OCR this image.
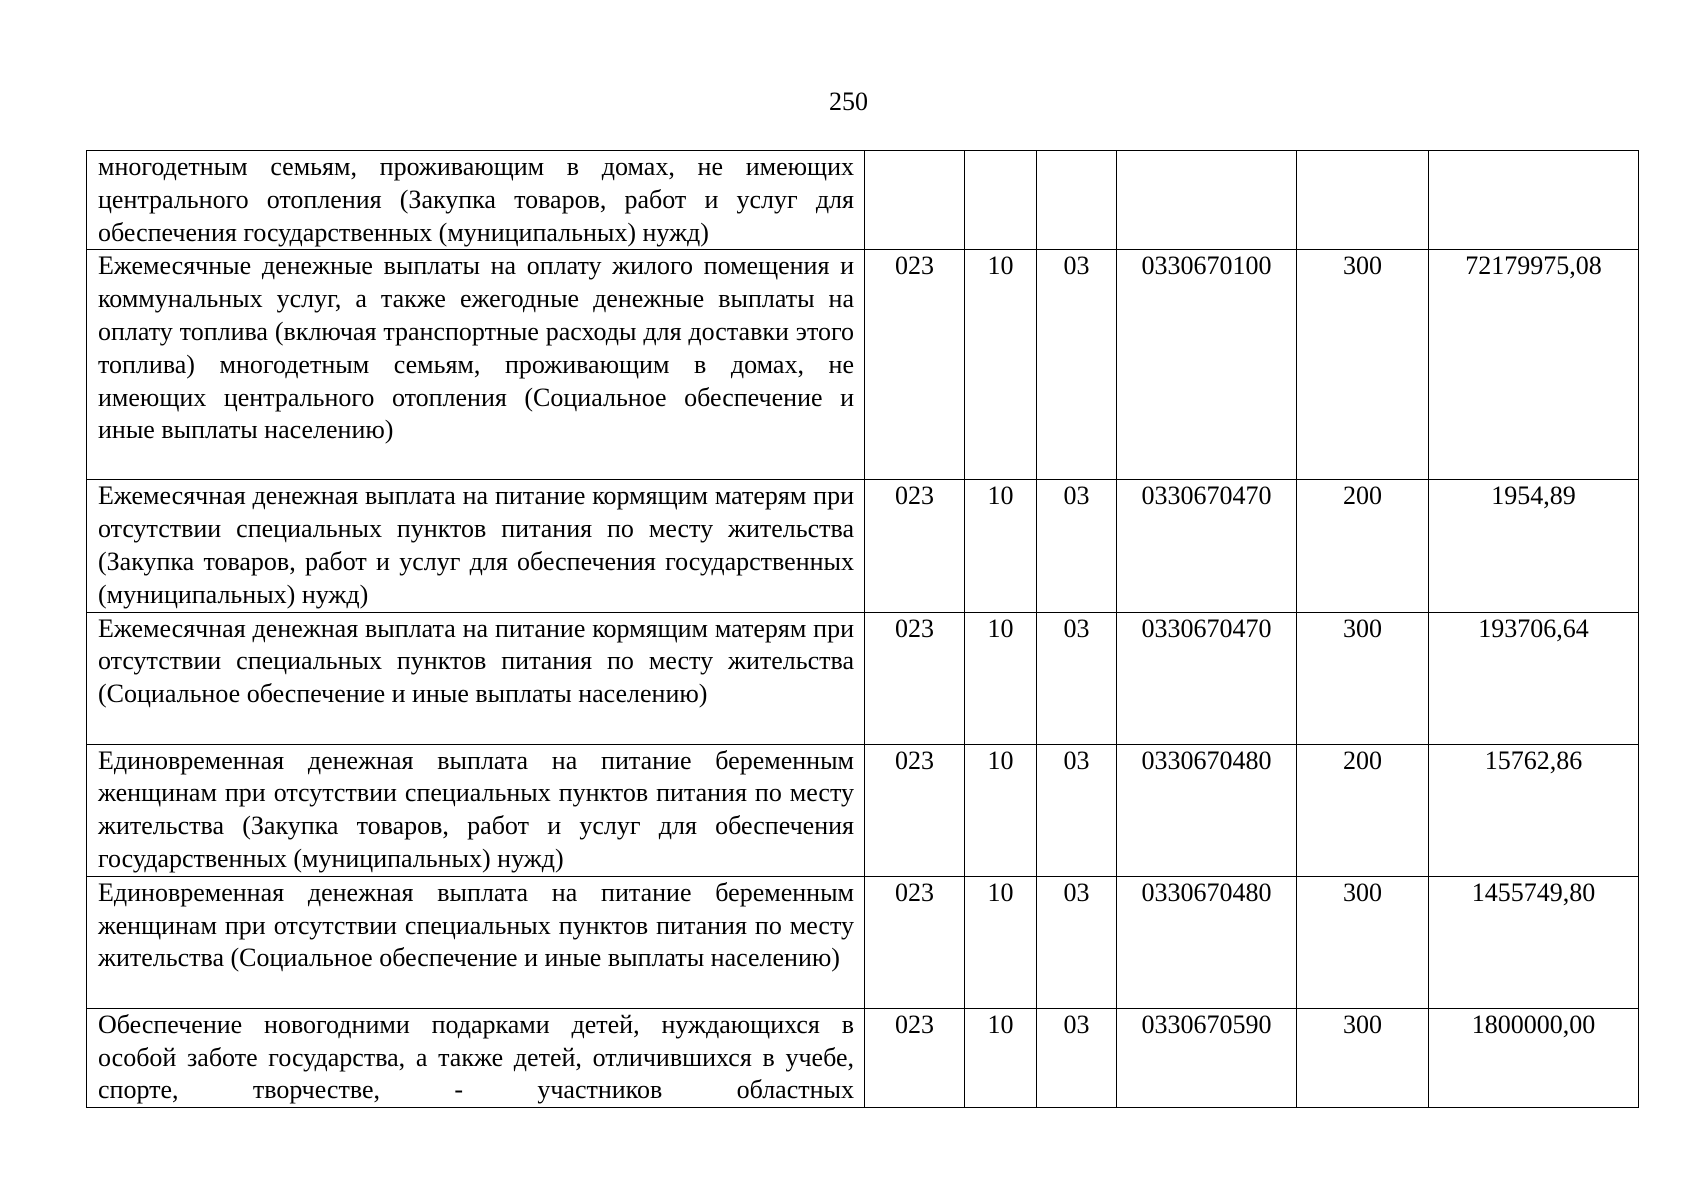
250
многодетным семьям, проживающим в домах, не имеющих центрального отопления (Закупка товаров, работ и услуг для обеспечения государственных (муниципальных) нужд)						
Ежемесячные денежные выплаты на оплату жилого помещения и коммунальных услуг, а также ежегодные денежные выплаты на оплату топлива (включая транспортные расходы для доставки этого топлива) многодетным семьям, проживающим в домах, не имеющих центрального отопления (Социальное обеспечение и иные выплаты населению)	023	10	03	0330670100	300	72179975,08
Ежемесячная денежная выплата на питание кормящим матерям при отсутствии специальных пунктов питания по месту жительства (Закупка товаров, работ и услуг для обеспечения государственных (муниципальных) нужд)	023	10	03	0330670470	200	1954,89
Ежемесячная денежная выплата на питание кормящим матерям при отсутствии специальных пунктов питания по месту жительства (Социальное обеспечение и иные выплаты населению)	023	10	03	0330670470	300	193706,64
Единовременная денежная выплата на питание беременным женщинам при отсутствии специальных пунктов питания по месту жительства (Закупка товаров, работ и услуг для обеспечения государственных (муниципальных) нужд)	023	10	03	0330670480	200	15762,86
Единовременная денежная выплата на питание беременным женщинам при отсутствии специальных пунктов питания по месту жительства (Социальное обеспечение и иные выплаты населению)	023	10	03	0330670480	300	1455749,80

Обеспечение новогодними подарками детей, нуждающихся в особой заботе государства, а также детей, отличившихся в учебе, спорте, творчестве, - участников областных	023	10	03	0330670590	300	1800000,00
